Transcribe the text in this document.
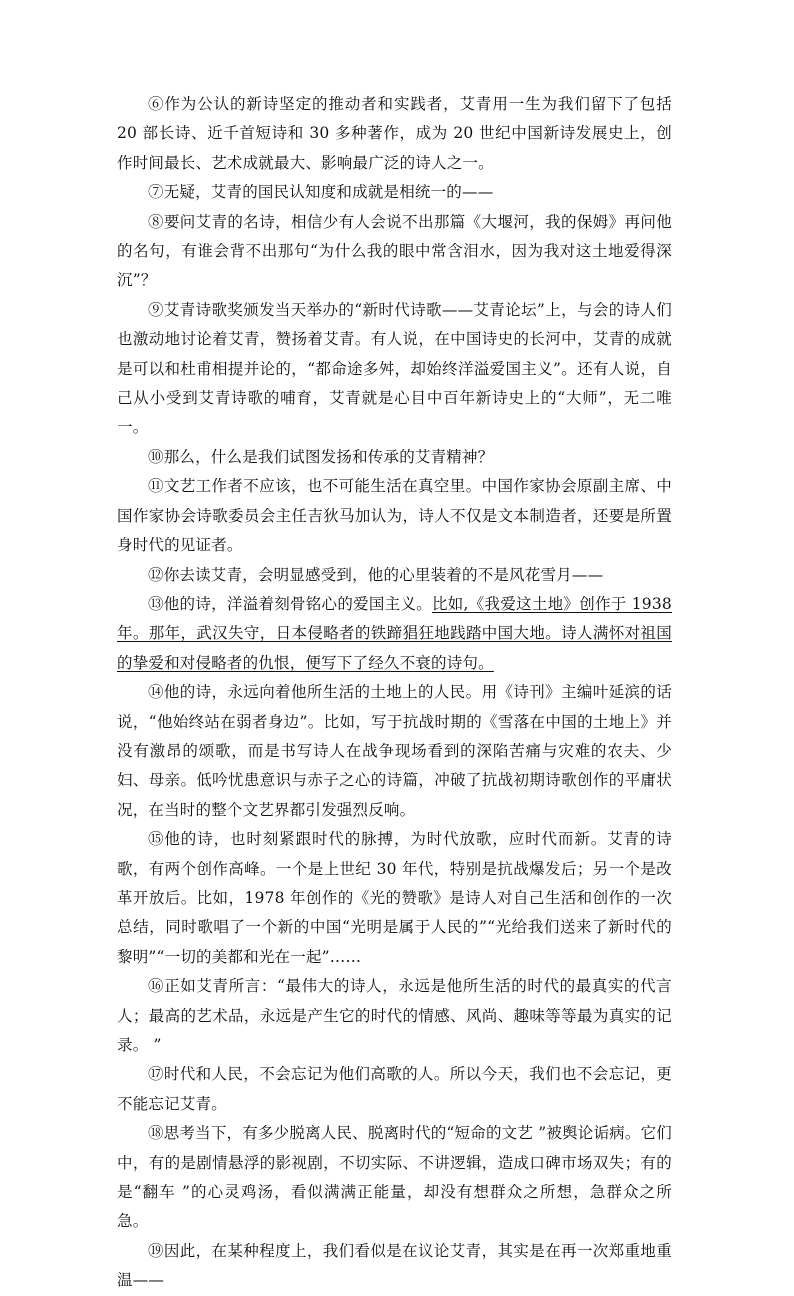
⑥作为公认的新诗坚定的推动者和实践者，艾青用一生为我们留下了包括 20 部长诗、近千首短诗和 30 多种著作，成为 20 世纪中国新诗发展史上，创作时间最长、艺术成就最大、影响最广泛的诗人之一。

⑦无疑，艾青的国民认知度和成就是相统一的——

⑧要问艾青的名诗，相信少有人会说不出那篇《大堰河，我的保姆》再问他的名句，有谁会背不出那句“为什么我的眼中常含泪水，因为我对这土地爱得深沉”？

⑨艾青诗歌奖颁发当天举办的“新时代诗歌——艾青论坛”上，与会的诗人们也激动地讨论着艾青，赞扬着艾青。有人说，在中国诗史的长河中，艾青的成就是可以和杜甫相提并论的，“都命途多舛，却始终洋溢爱国主义”。还有人说，自己从小受到艾青诗歌的哺育，艾青就是心目中百年新诗史上的“大师”，无二唯一。

⑩那么，什么是我们试图发扬和传承的艾青精神？

⑪文艺工作者不应该，也不可能生活在真空里。中国作家协会原副主席、中国作家协会诗歌委员会主任吉狄马加认为，诗人不仅是文本制造者，还要是所置身时代的见证者。

⑫你去读艾青，会明显感受到，他的心里装着的不是风花雪月——

⑬他的诗，洋溢着刻骨铭心的爱国主义。比如,《我爱这土地》创作于 1938 年。那年，武汉失守，日本侵略者的铁蹄猖狂地践踏中国大地。诗人满怀对祖国的挚爱和对侵略者的仇恨，便写下了经久不衰的诗句。

⑭他的诗，永远向着他所生活的土地上的人民。用《诗刊》主编叶延滨的话说，“他始终站在弱者身边”。比如，写于抗战时期的《雪落在中国的土地上》并没有激昂的颂歌，而是书写诗人在战争现场看到的深陷苦痛与灾难的农夫、少妇、母亲。低吟忧患意识与赤子之心的诗篇，冲破了抗战初期诗歌创作的平庸状况，在当时的整个文艺界都引发强烈反响。

⑮他的诗，也时刻紧跟时代的脉搏，为时代放歌，应时代而新。艾青的诗歌，有两个创作高峰。一个是上世纪 30 年代，特别是抗战爆发后；另一个是改革开放后。比如，1978 年创作的《光的赞歌》是诗人对自己生活和创作的一次总结，同时歌唱了一个新的中国“光明是属于人民的”“光给我们送来了新时代的黎明”“一切的美都和光在一起”……

⑯正如艾青所言：“最伟大的诗人，永远是他所生活的时代的最真实的代言人；最高的艺术品，永远是产生它的时代的情感、风尚、趣味等等最为真实的记录。 ”

⑰时代和人民，不会忘记为他们高歌的人。所以今天，我们也不会忘记，更不能忘记艾青。

⑱思考当下，有多少脱离人民、脱离时代的“短命的文艺 ”被舆论诟病。它们中，有的是剧情悬浮的影视剧，不切实际、不讲逻辑，造成口碑市场双失；有的是“翻车 ”的心灵鸡汤，看似满满正能量，却没有想群众之所想，急群众之所急。

⑲因此，在某种程度上，我们看似是在议论艾青，其实是在再一次郑重地重温——
